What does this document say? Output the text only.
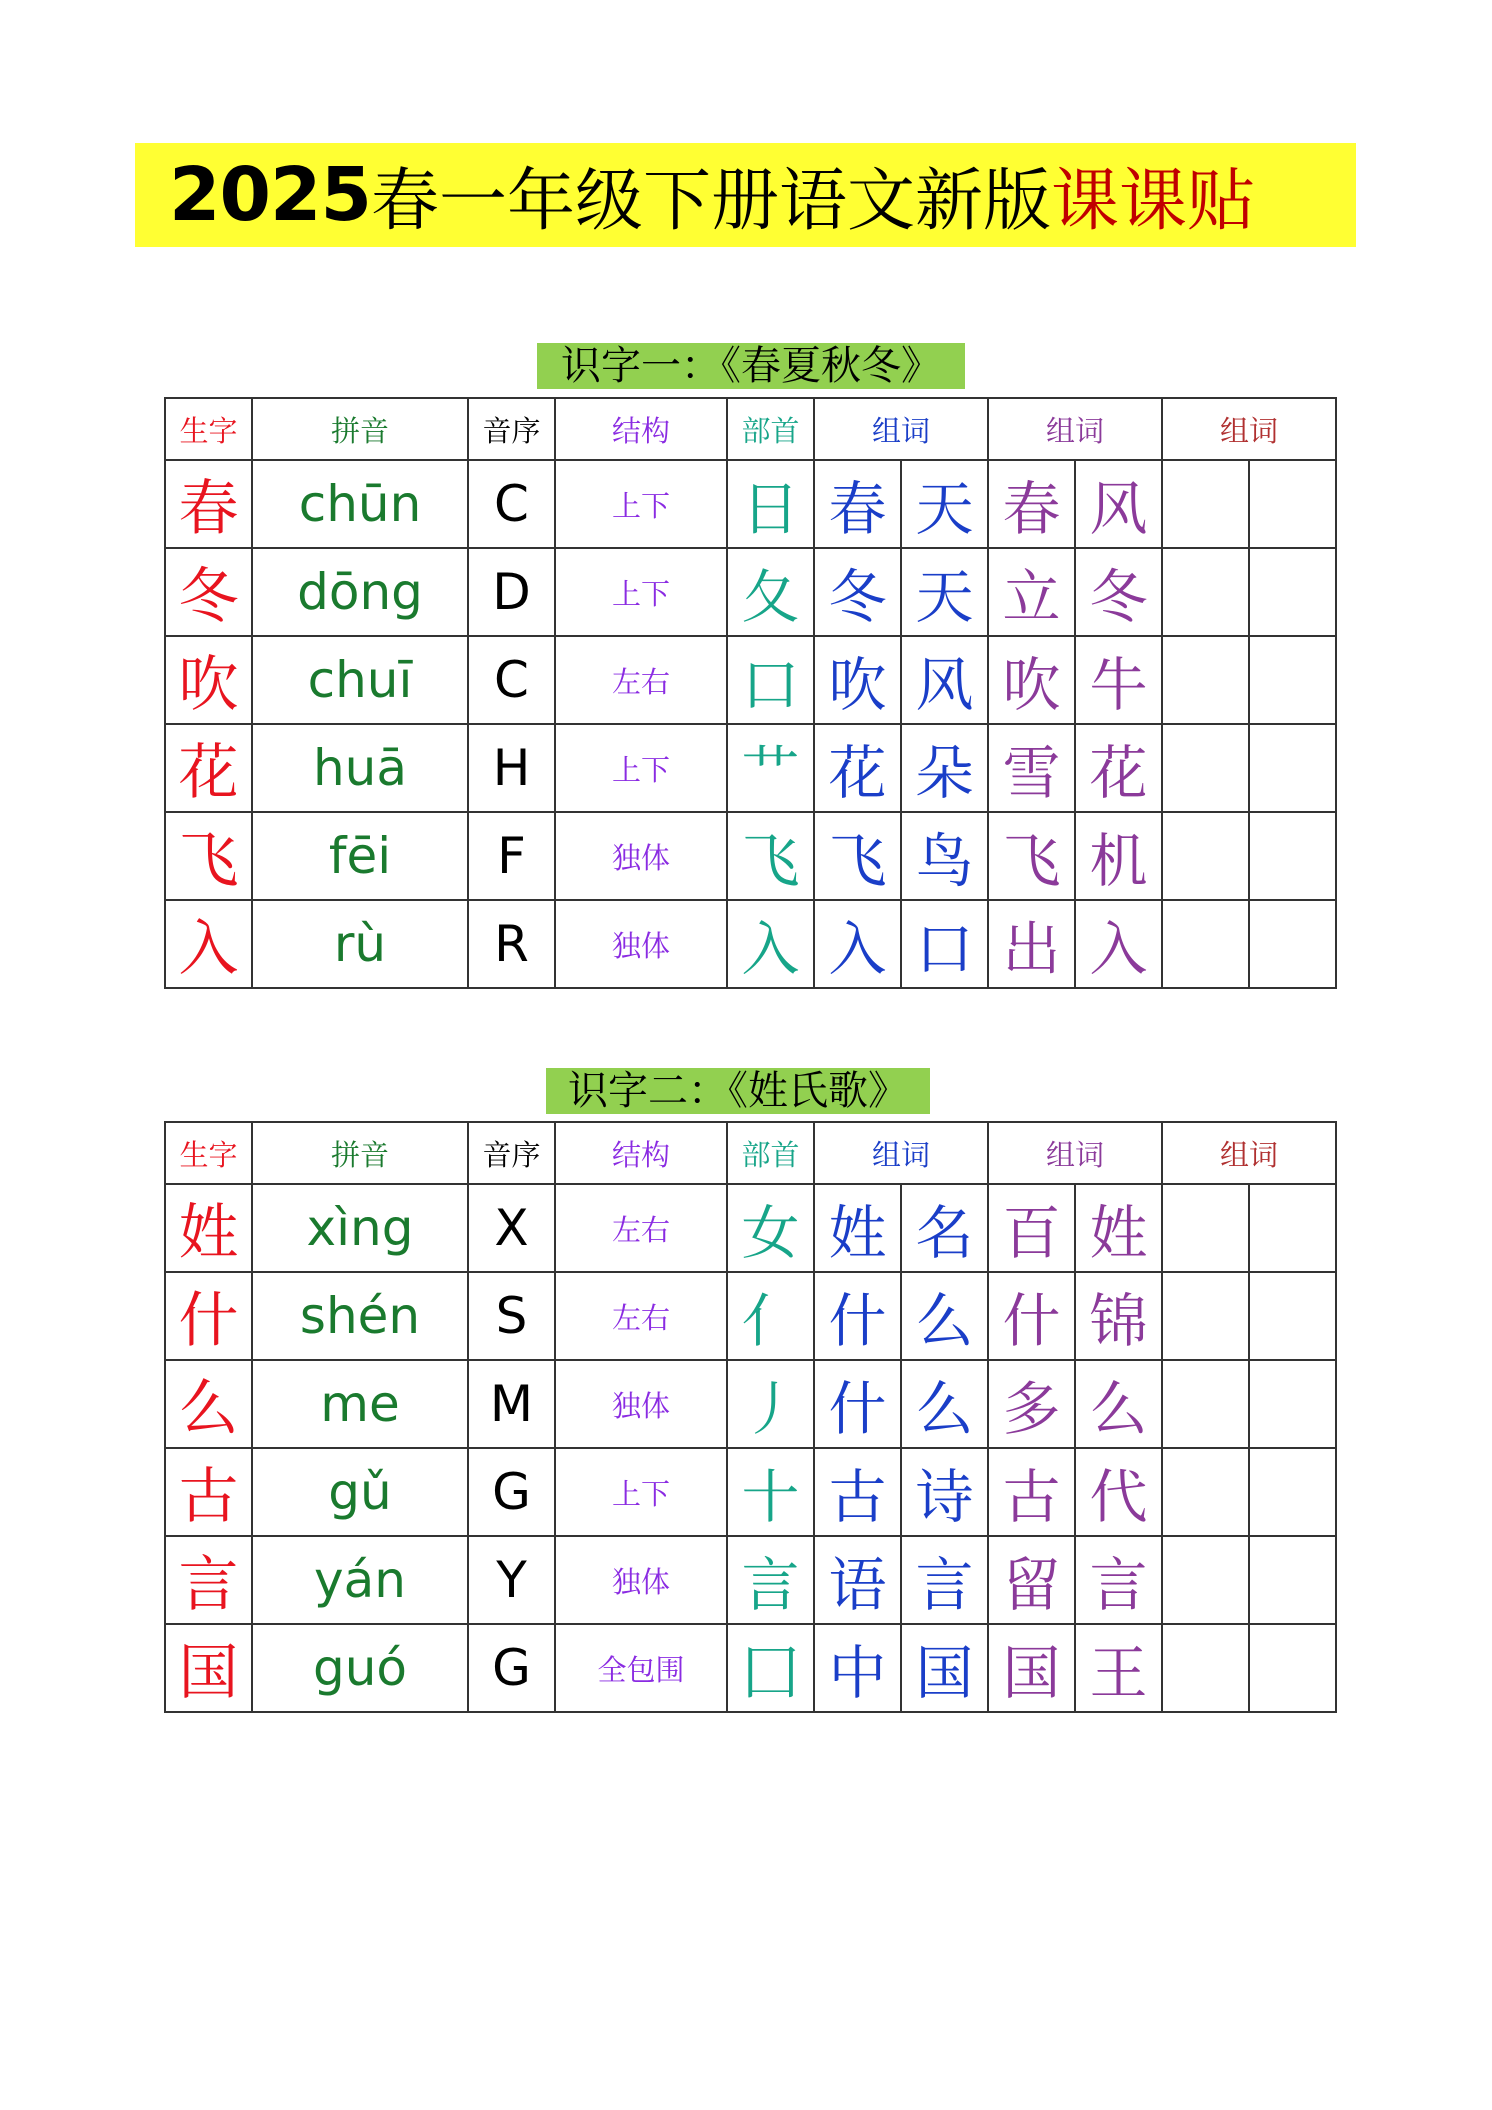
2025 春一年级下册语文新版 课课贴
识字一：《春夏秋冬》
生字	拼音	音序	结构	部首	组词		组词		组词	
春	chūn	C	上下	日	春	天	春	风		
冬	dōng	D	上下	夂	冬	天	立	冬		
吹	chuī	C	左右	口	吹	风	吹	牛		
花	huā	H	上下	艹	花	朵	雪	花		
飞	fēi	F	独体	飞	飞	鸟	飞	机		
入	rù	R	独体	入	入	口	出	入		
识字二：《姓氏歌》
生字	拼音	音序	结构	部首	组词		组词		组词	
姓	xìng	X	左右	女	姓	名	百	姓		
什	shén	S	左右	亻	什	么	什	锦		
么	me	M	独体	丿	什	么	多	么		
古	gǔ	G	上下	十	古	诗	古	代		
言	yán	Y	独体	言	语	言	留	言		
国	guó	G	全包围	囗	中	国	国	王		
